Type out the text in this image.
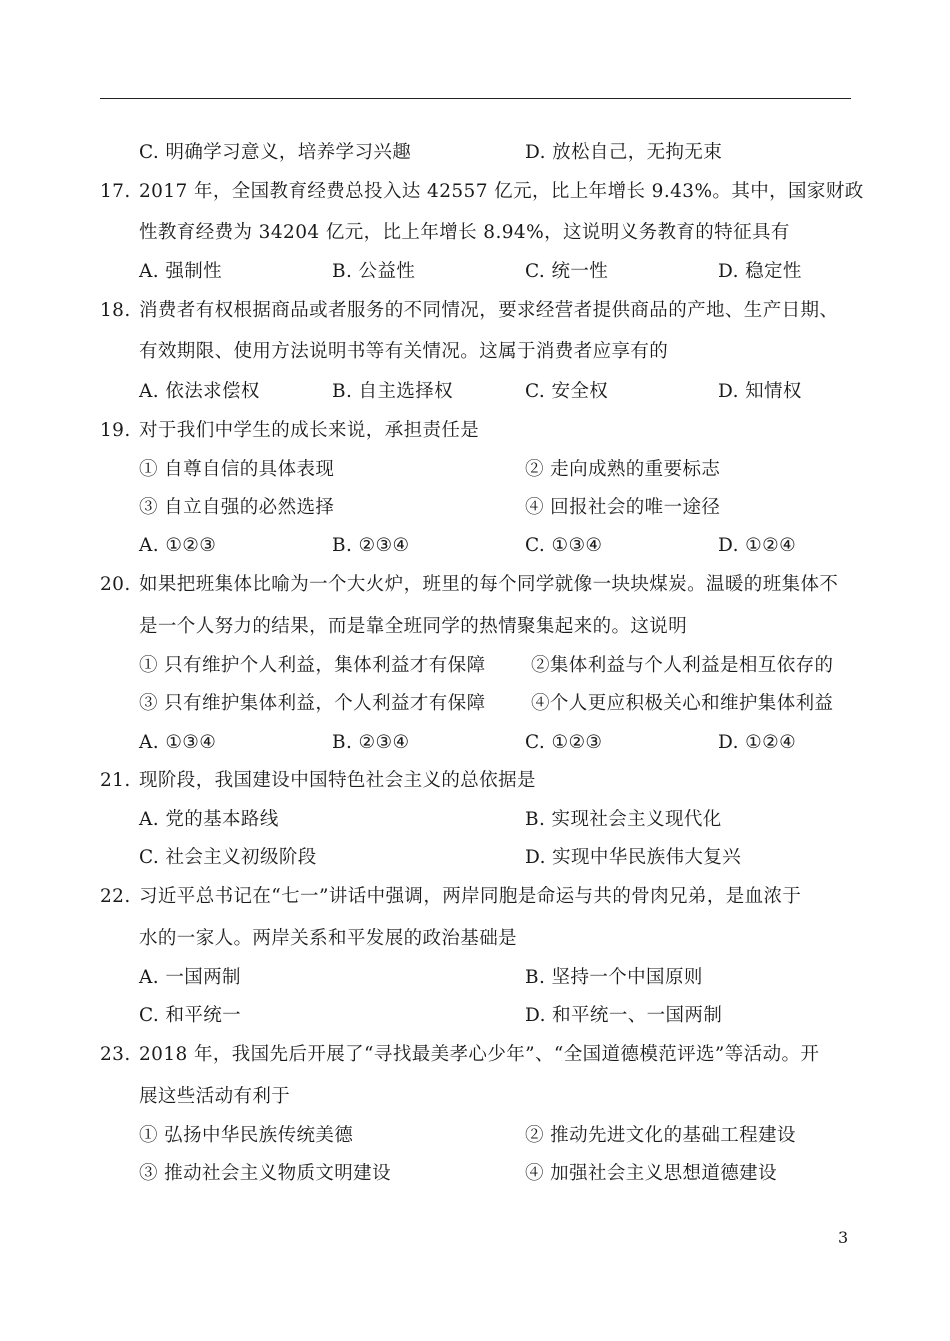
C. 明确学习意义，培养学习兴趣	D. 放松自己，无拘无束
17. 2017 年，全国教育经费总投入达 42557 亿元，比上年增长 9.43%。其中，国家财政
性教育经费为 34204 亿元，比上年增长 8.94%，这说明义务教育的特征具有
A. 强制性	B. 公益性	C. 统一性	D. 稳定性
18. 消费者有权根据商品或者服务的不同情况，要求经营者提供商品的产地、生产日期、
有效期限、使用方法说明书等有关情况。这属于消费者应享有的
A. 依法求偿权	B. 自主选择权	C. 安全权	D. 知情权
19. 对于我们中学生的成长来说，承担责任是
① 自尊自信的具体表现	② 走向成熟的重要标志
③ 自立自强的必然选择	④ 回报社会的唯一途径
A. ①②③	B. ②③④	C. ①③④	D. ①②④
20. 如果把班集体比喻为一个大火炉，班里的每个同学就像一块块煤炭。温暖的班集体不
是一个人努力的结果，而是靠全班同学的热情聚集起来的。这说明
① 只有维护个人利益，集体利益才有保障 ②集体利益与个人利益是相互依存的
③ 只有维护集体利益，个人利益才有保障 ④个人更应积极关心和维护集体利益
A. ①③④	B. ②③④	C. ①②③	D. ①②④
21. 现阶段，我国建设中国特色社会主义的总依据是
A. 党的基本路线	B. 实现社会主义现代化
C. 社会主义初级阶段	D. 实现中华民族伟大复兴
22. 习近平总书记在“七一”讲话中强调，两岸同胞是命运与共的骨肉兄弟，是血浓于
水的一家人。两岸关系和平发展的政治基础是
A. 一国两制	B. 坚持一个中国原则
C. 和平统一	D. 和平统一、一国两制
23. 2018 年，我国先后开展了“寻找最美孝心少年”、“全国道德模范评选”等活动。开
展这些活动有利于
① 弘扬中华民族传统美德	② 推动先进文化的基础工程建设
③ 推动社会主义物质文明建设	④ 加强社会主义思想道德建设
3
